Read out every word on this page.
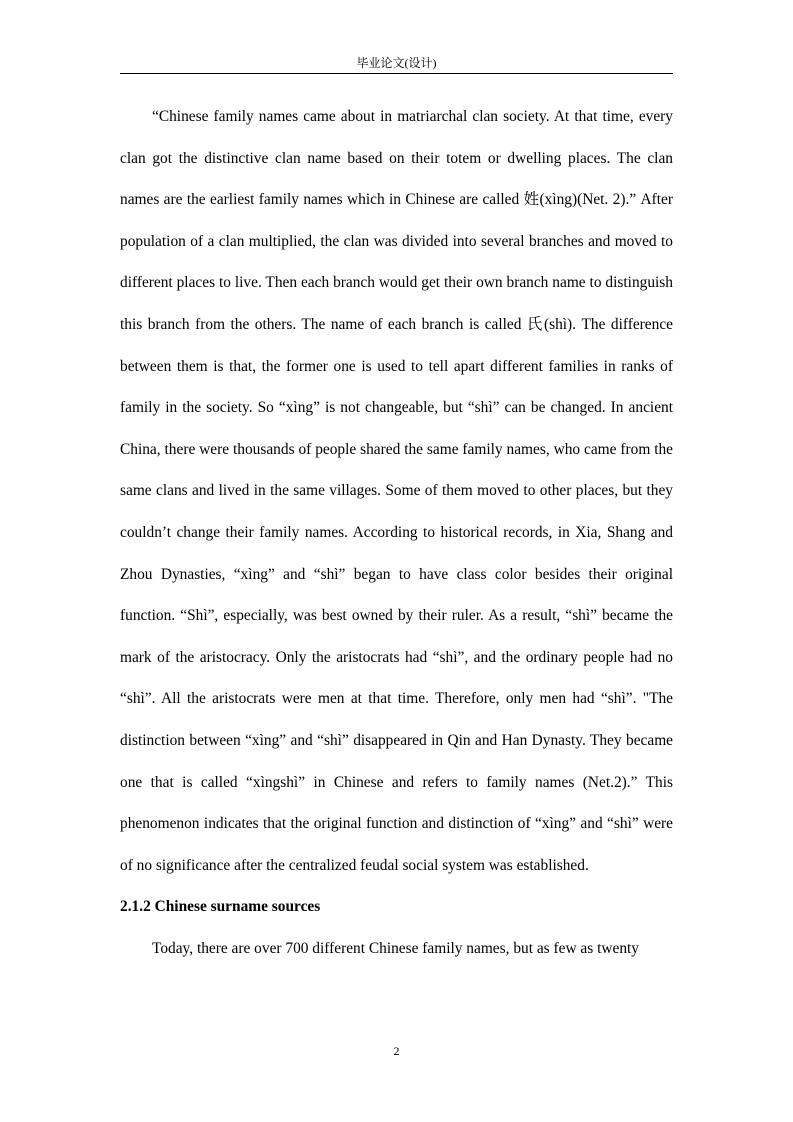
毕业论文(设计)

“Chinese family names came about in matriarchal clan society. At that time, every clan got the distinctive clan name based on their totem or dwelling places. The clan names are the earliest family names which in Chinese are called 姓(xìng)(Net. 2).” After population of a clan multiplied, the clan was divided into several branches and moved to different places to live. Then each branch would get their own branch name to distinguish this branch from the others. The name of each branch is called 氏(shì). The difference between them is that, the former one is used to tell apart different families in ranks of family in the society. So “xìng” is not changeable, but “shì” can be changed. In ancient China, there were thousands of people shared the same family names, who came from the same clans and lived in the same villages. Some of them moved to other places, but they couldn’t change their family names. According to historical records, in Xia, Shang and Zhou Dynasties, “xìng” and “shì” began to have class color besides their original function. “Shì”, especially, was best owned by their ruler. As a result, “shì” became the mark of the aristocracy. Only the aristocrats had “shì”, and the ordinary people had no “shì”. All the aristocrats were men at that time. Therefore, only men had “shì”. "The distinction between “xìng” and “shì” disappeared in Qin and Han Dynasty. They became one that is called “xìngshì” in Chinese and refers to family names (Net.2).” This phenomenon indicates that the original function and distinction of “xìng” and “shì” were of no significance after the centralized feudal social system was established.

2.1.2 Chinese surname sources

Today, there are over 700 different Chinese family names, but as few as twenty

2
